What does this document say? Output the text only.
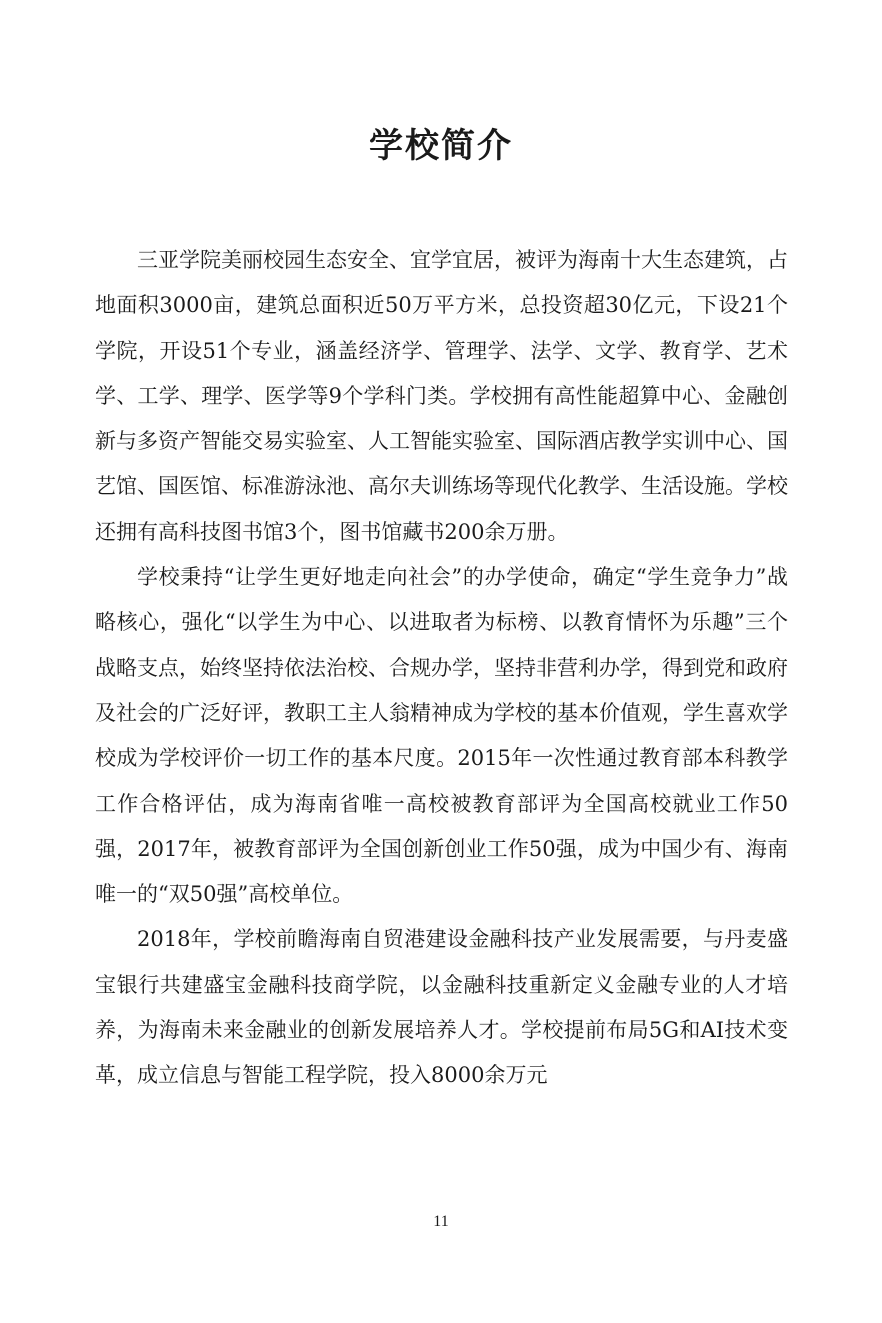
学校简介

三亚学院美丽校园生态安全、宜学宜居，被评为海南十大生态建筑，占地面积3000亩，建筑总面积近50万平方米，总投资超30亿元，下设21个学院，开设51个专业，涵盖经济学、管理学、法学、文学、教育学、艺术学、工学、理学、医学等9个学科门类。学校拥有高性能超算中心、金融创新与多资产智能交易实验室、人工智能实验室、国际酒店教学实训中心、国艺馆、国医馆、标准游泳池、高尔夫训练场等现代化教学、生活设施。学校还拥有高科技图书馆3个，图书馆藏书200余万册。

学校秉持“让学生更好地走向社会”的办学使命，确定“学生竞争力”战略核心，强化“以学生为中心、以进取者为标榜、以教育情怀为乐趣”三个战略支点，始终坚持依法治校、合规办学，坚持非营利办学，得到党和政府及社会的广泛好评，教职工主人翁精神成为学校的基本价值观，学生喜欢学校成为学校评价一切工作的基本尺度。2015年一次性通过教育部本科教学工作合格评估，成为海南省唯一高校被教育部评为全国高校就业工作50强，2017年，被教育部评为全国创新创业工作50强，成为中国少有、海南唯一的“双50强”高校单位。

2018年，学校前瞻海南自贸港建设金融科技产业发展需要，与丹麦盛宝银行共建盛宝金融科技商学院，以金融科技重新定义金融专业的人才培养，为海南未来金融业的创新发展培养人才。学校提前布局5G和AI技术变革，成立信息与智能工程学院，投入8000余万元

11
